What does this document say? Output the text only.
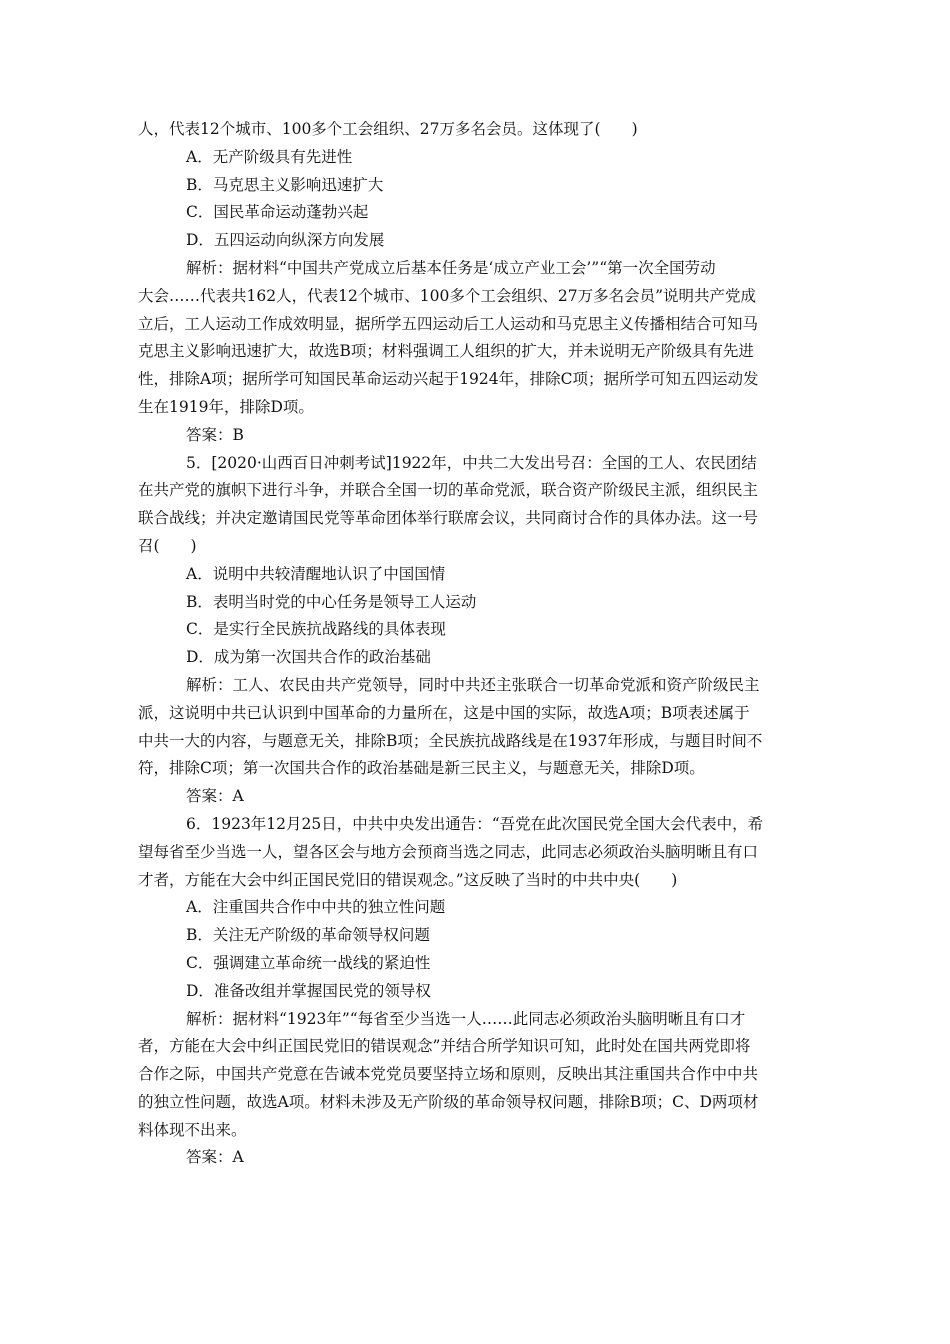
人，代表12个城市、100多个工会组织、27万多名会员。这体现了(　　)
A．无产阶级具有先进性
B．马克思主义影响迅速扩大
C．国民革命运动蓬勃兴起
D．五四运动向纵深方向发展
解析：据材料“中国共产党成立后基本任务是‘成立产业工会’”“第一次全国劳动
大会……代表共162人，代表12个城市、100多个工会组织、27万多名会员”说明共产党成
立后，工人运动工作成效明显，据所学五四运动后工人运动和马克思主义传播相结合可知马
克思主义影响迅速扩大，故选B项；材料强调工人组织的扩大，并未说明无产阶级具有先进
性，排除A项；据所学可知国民革命运动兴起于1924年，排除C项；据所学可知五四运动发
生在1919年，排除D项。
答案：B
5．[2020·山西百日冲刺考试]1922年，中共二大发出号召：全国的工人、农民团结
在共产党的旗帜下进行斗争，并联合全国一切的革命党派，联合资产阶级民主派，组织民主
联合战线；并决定邀请国民党等革命团体举行联席会议，共同商讨合作的具体办法。这一号
召(　　)
A．说明中共较清醒地认识了中国国情
B．表明当时党的中心任务是领导工人运动
C．是实行全民族抗战路线的具体表现
D．成为第一次国共合作的政治基础
解析：工人、农民由共产党领导，同时中共还主张联合一切革命党派和资产阶级民主
派，这说明中共已认识到中国革命的力量所在，这是中国的实际，故选A项；B项表述属于
中共一大的内容，与题意无关，排除B项；全民族抗战路线是在1937年形成，与题目时间不
符，排除C项；第一次国共合作的政治基础是新三民主义，与题意无关，排除D项。
答案：A
6．1923年12月25日，中共中央发出通告：“吾党在此次国民党全国大会代表中，希
望每省至少当选一人，望各区会与地方会预商当选之同志，此同志必须政治头脑明晰且有口
才者，方能在大会中纠正国民党旧的错误观念。”这反映了当时的中共中央(　　)
A．注重国共合作中中共的独立性问题
B．关注无产阶级的革命领导权问题
C．强调建立革命统一战线的紧迫性
D．准备改组并掌握国民党的领导权
解析：据材料“1923年”“每省至少当选一人……此同志必须政治头脑明晰且有口才
者，方能在大会中纠正国民党旧的错误观念”并结合所学知识可知，此时处在国共两党即将
合作之际，中国共产党意在告诫本党党员要坚持立场和原则，反映出其注重国共合作中中共
的独立性问题，故选A项。材料未涉及无产阶级的革命领导权问题，排除B项；C、D两项材
料体现不出来。
答案：A
